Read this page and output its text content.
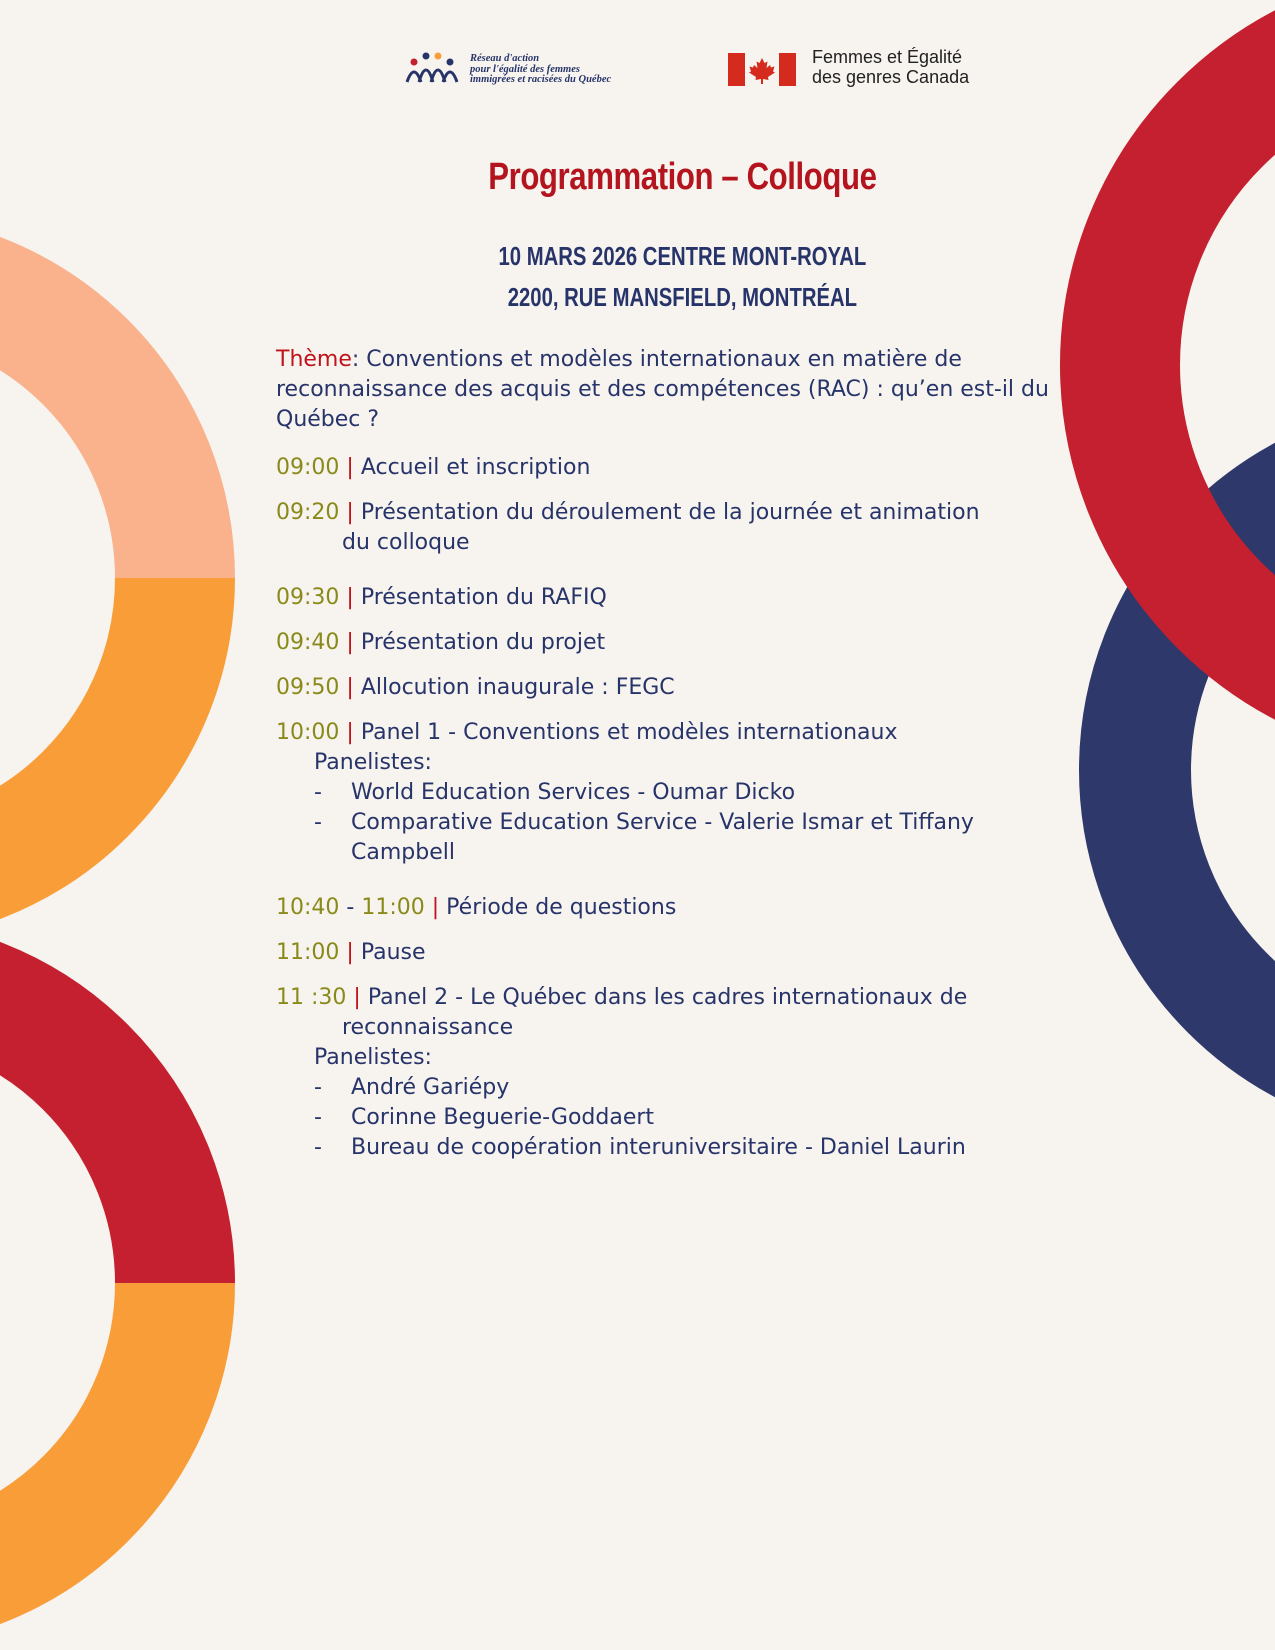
Réseau d'action
pour l'égalité des femmes
immigrées et racisées du Québec
Femmes et Égalité
des genres Canada
Programmation – Colloque
10 MARS 2026 CENTRE MONT-ROYAL
2200, RUE MANSFIELD, MONTRÉAL

Thème: Conventions et modèles internationaux en matière de reconnaissance des acquis et des compétences (RAC) : qu’en est-il du Québec ?

09:00 | Accueil et inscription
09:20 | Présentation du déroulement de la journée et animation
du colloque
09:30 | Présentation du RAFIQ
09:40 | Présentation du projet
09:50 | Allocution inaugurale : FEGC
10:00 | Panel 1 - Conventions et modèles internationaux
Panelistes:
- World Education Services - Oumar Dicko
- Comparative Education Service - Valerie Ismar et Tiffany
Campbell
10:40 - 11:00 | Période de questions
11:00 | Pause
11 :30 | Panel 2 - Le Québec dans les cadres internationaux de
reconnaissance
Panelistes:
- André Gariépy
- Corinne Beguerie-Goddaert
- Bureau de coopération interuniversitaire - Daniel Laurin
